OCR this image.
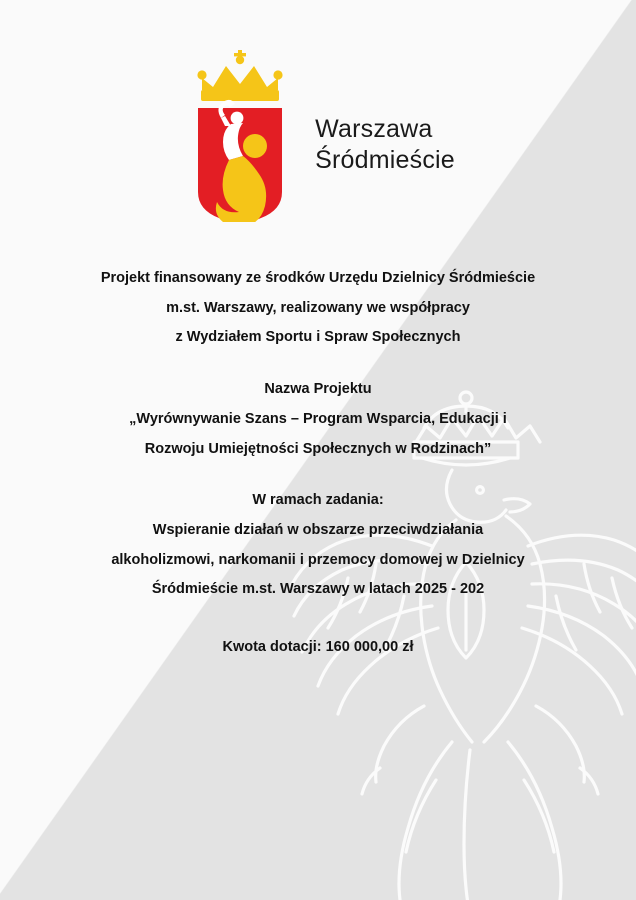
Warszawa
Śródmieście

Projekt finansowany ze środków Urzędu Dzielnicy Śródmieście

m.st. Warszawy, realizowany we współpracy

z Wydziałem Sportu i Spraw Społecznych

Nazwa Projektu

„Wyrównywanie Szans – Program Wsparcia, Edukacji i

Rozwoju Umiejętności Społecznych w Rodzinach”

W ramach zadania:

Wspieranie działań w obszarze przeciwdziałania

alkoholizmowi, narkomanii i przemocy domowej w Dzielnicy

Śródmieście m.st. Warszawy w latach 2025 - 202

Kwota dotacji: 160 000,00 zł
